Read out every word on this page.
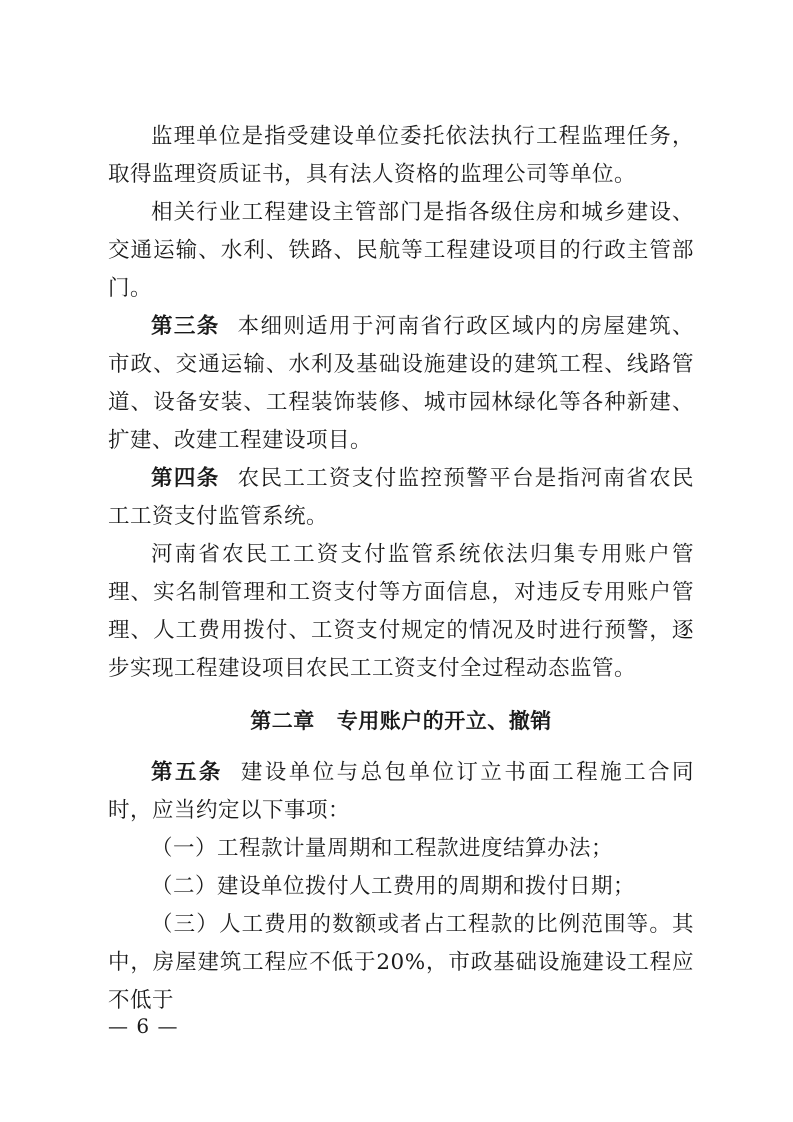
监理单位是指受建设单位委托依法执行工程监理任务，取得监理资质证书，具有法人资格的监理公司等单位。

相关行业工程建设主管部门是指各级住房和城乡建设、交通运输、水利、铁路、民航等工程建设项目的行政主管部门。

第三条 本细则适用于河南省行政区域内的房屋建筑、市政、交通运输、水利及基础设施建设的建筑工程、线路管道、设备安装、工程装饰装修、城市园林绿化等各种新建、扩建、改建工程建设项目。

第四条 农民工工资支付监控预警平台是指河南省农民工工资支付监管系统。

河南省农民工工资支付监管系统依法归集专用账户管理、实名制管理和工资支付等方面信息，对违反专用账户管理、人工费用拨付、工资支付规定的情况及时进行预警，逐步实现工程建设项目农民工工资支付全过程动态监管。

第二章 专用账户的开立、撤销

第五条 建设单位与总包单位订立书面工程施工合同时，应当约定以下事项：

（一）工程款计量周期和工程款进度结算办法；

（二）建设单位拨付人工费用的周期和拨付日期；

（三）人工费用的数额或者占工程款的比例范围等。其中，房屋建筑工程应不低于20%，市政基础设施建设工程应不低于

— 6 —
